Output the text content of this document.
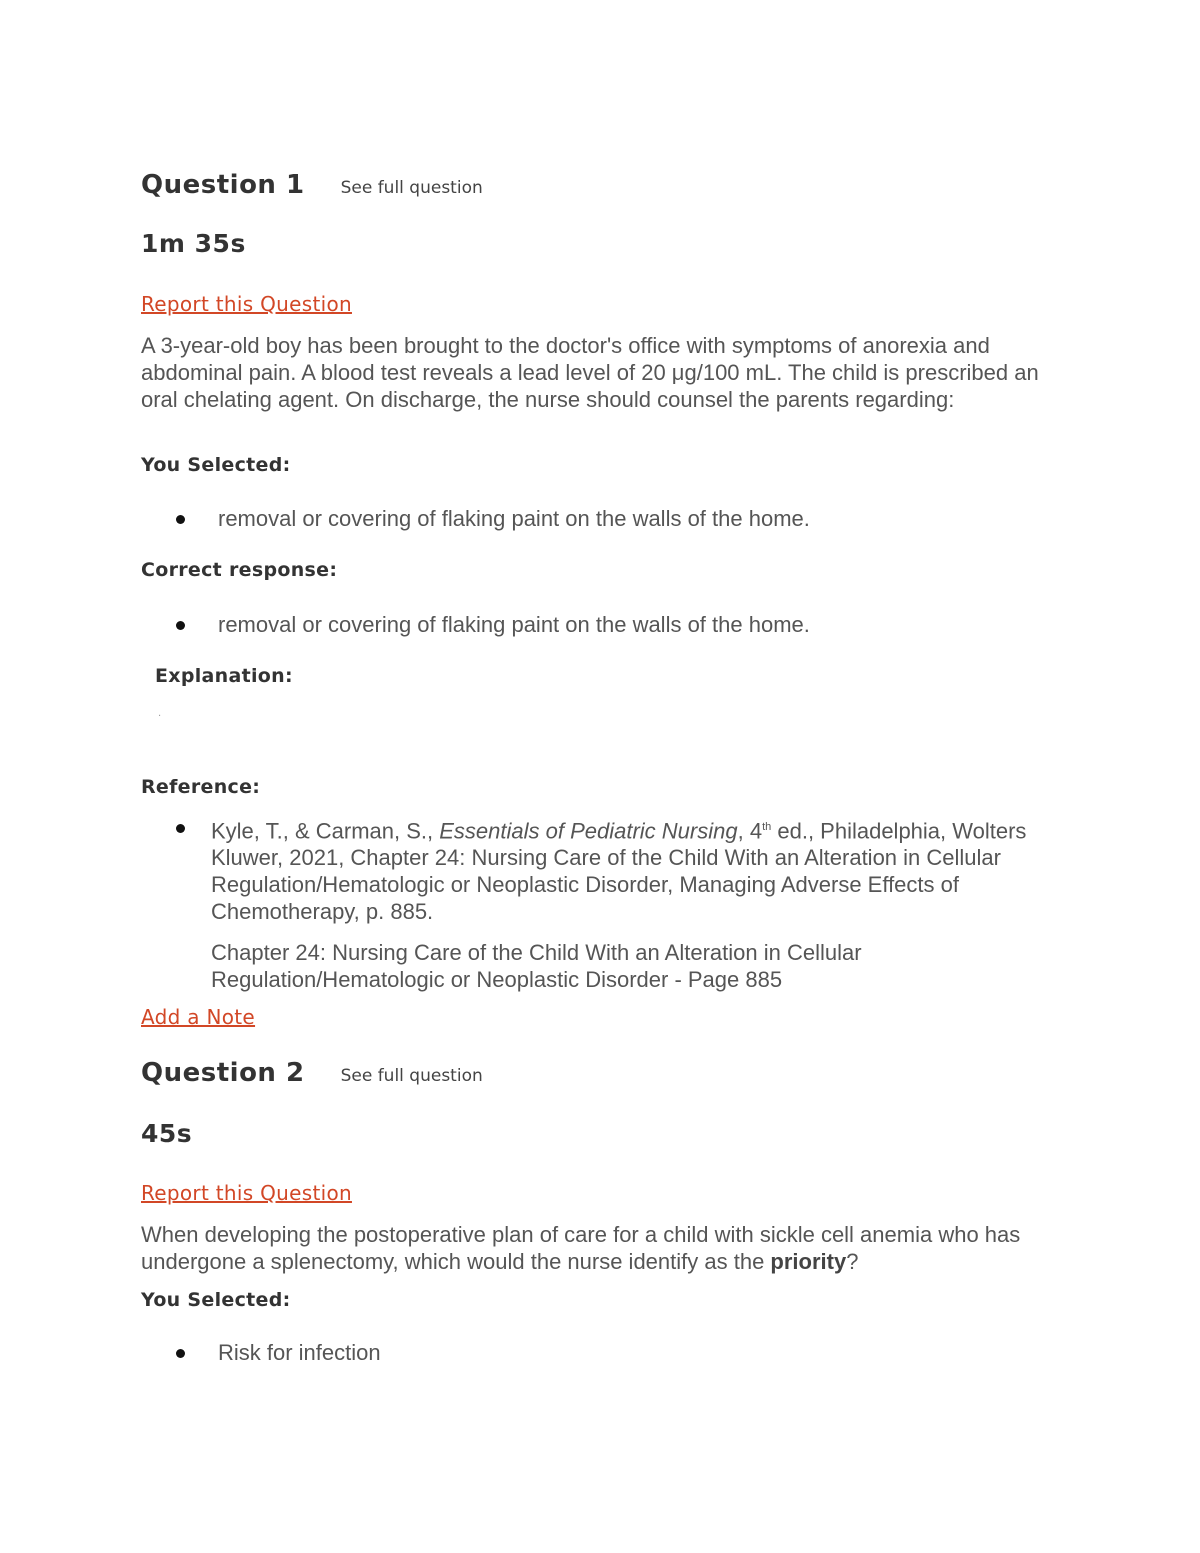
Question 1 See full question
1m 35s
Report this Question
A 3-year-old boy has been brought to the doctor's office with symptoms of anorexia and abdominal pain. A blood test reveals a lead level of 20 μg/100 mL. The child is prescribed an oral chelating agent. On discharge, the nurse should counsel the parents regarding:
You Selected:
removal or covering of flaking paint on the walls of the home.
Correct response:
removal or covering of flaking paint on the walls of the home.
Explanation:
.
Reference:
Kyle, T., & Carman, S., Essentials of Pediatric Nursing, 4th ed., Philadelphia, Wolters Kluwer, 2021, Chapter 24: Nursing Care of the Child With an Alteration in Cellular Regulation/Hematologic or Neoplastic Disorder, Managing Adverse Effects of Chemotherapy, p. 885.
Chapter 24: Nursing Care of the Child With an Alteration in Cellular Regulation/Hematologic or Neoplastic Disorder - Page 885
Add a Note
Question 2 See full question
45s
Report this Question
When developing the postoperative plan of care for a child with sickle cell anemia who has undergone a splenectomy, which would the nurse identify as the priority?
You Selected:
Risk for infection
